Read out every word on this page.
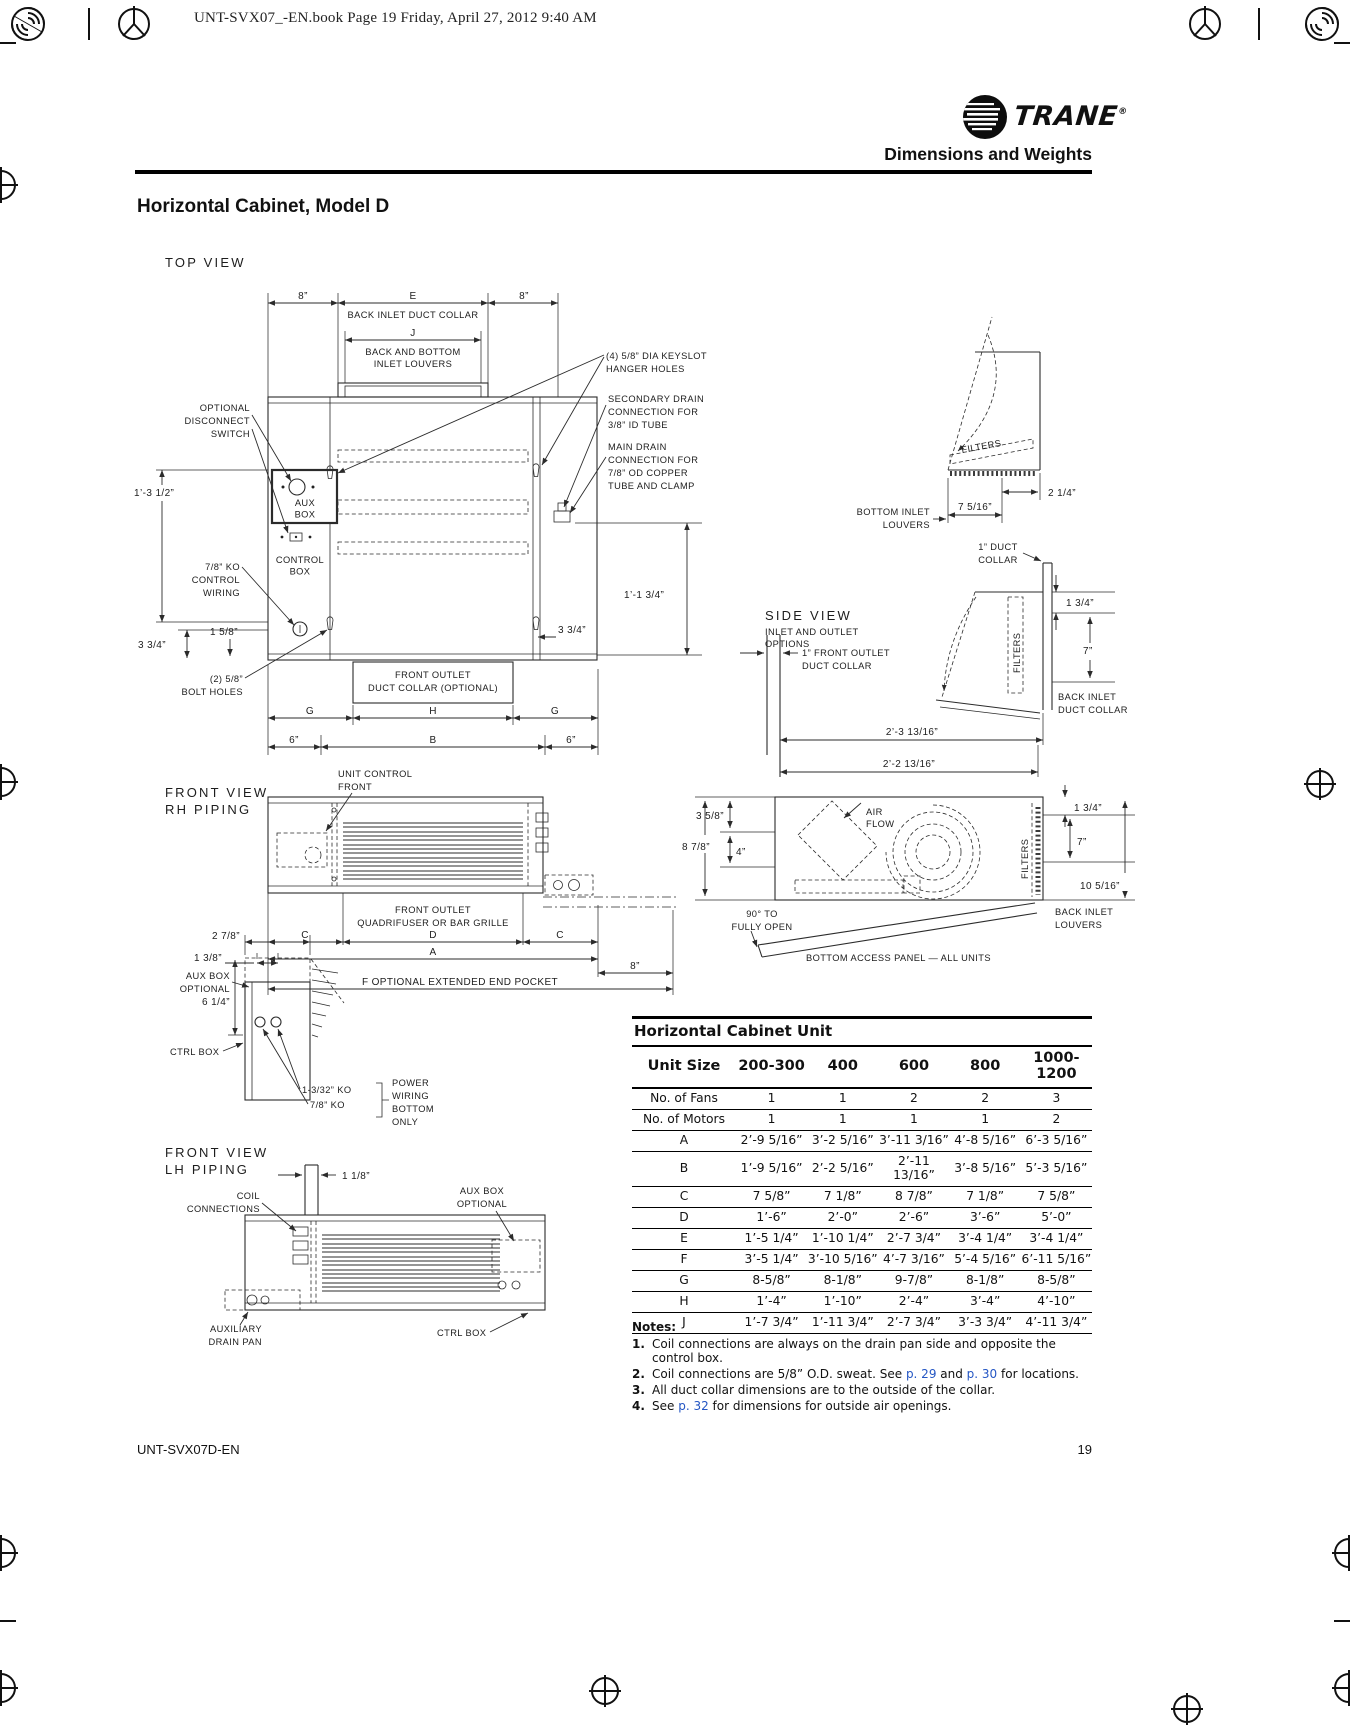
UNT-SVX07_-EN.book Page 19 Friday, April 27, 2012 9:40 AM
TRANE®
Dimensions and Weights
Horizontal Cabinet, Model D
TOP VIEW
8”	E	8”
BACK INLET DUCT COLLAR
J
BACK AND BOTTOM INLET LOUVERS
AUX BOX
CONTROL BOX
OPTIONAL DISCONNECT SWITCH
1’-3 1/2”
7/8” KO CONTROL WIRING
1 5/8”
3 3/4”
(2) 5/8” BOLT HOLES
(4) 5/8” DIA KEYSLOT HANGER HOLES
SECONDARY DRAIN CONNECTION FOR 3/8” ID TUBE
MAIN DRAIN CONNECTION FOR 7/8” OD COPPER TUBE AND CLAMP
1’-1 3/4”
3 3/4”
FRONT OUTLET DUCT COLLAR (OPTIONAL)
G	H	G
6”	B	6”
FILTERS
7 5/16”
2 1/4”
BOTTOM INLET LOUVERS
SIDE VIEW
INLET AND OUTLET OPTIONS
1” DUCT COLLAR
FILTERS
1 3/4”
7”
BACK INLET DUCT COLLAR
1” FRONT OUTLET DUCT COLLAR
2’-3 13/16”
2’-2 13/16”
AIR FLOW
FILTERS
3 5/8”
8 7/8”	4”
1 3/4”
7”
10 5/16”
90° TO FULLY OPEN
BOTTOM ACCESS PANEL — ALL UNITS
BACK INLET LOUVERS
FRONT VIEW RH PIPING
UNIT CONTROL FRONT
FRONT OUTLET QUADRIFUSER OR BAR GRILLE
C	D	C
A
8”
F OPTIONAL EXTENDED END POCKET
2 7/8”
1 3/8”
AUX BOX OPTIONAL
6 1/4”
CTRL BOX
1-3/32” KO
7/8” KO
POWER WIRING BOTTOM ONLY
FRONT VIEW LH PIPING	1 1/8”
COIL CONNECTIONS
AUX BOX OPTIONAL
AUXILIARY DRAIN PAN
CTRL BOX
Horizontal Cabinet Unit
Unit Size	200-300	400	600	800	1000-1200
No. of Fans	1	1	2	2	3
No. of Motors	1	1	1	1	2
A	2’-9 5/16”	3’-2 5/16”	3’-11 3/16”	4’-8 5/16”	6’-3 5/16”
B	1’-9 5/16”	2’-2 5/16”	2’-11 13/16”	3’-8 5/16”	5’-3 5/16”
C	7 5/8”	7 1/8”	8 7/8”	7 1/8”	7 5/8”
D	1’-6”	2’-0”	2’-6”	3’-6”	5’-0”
E	1’-5 1/4”	1’-10 1/4”	2’-7 3/4”	3’-4 1/4”	3’-4 1/4”
F	3’-5 1/4”	3’-10 5/16”	4’-7 3/16”	5’-4 5/16”	6’-11 5/16”
G	8-5/8”	8-1/8”	9-7/8”	8-1/8”	8-5/8”
H	1’-4”	1’-10”	2’-4”	3’-4”	4’-10”
J	1’-7 3/4”	1’-11 3/4”	2’-7 3/4”	3’-3 3/4”	4’-11 3/4”
Notes:
1. Coil connections are always on the drain pan side and opposite the control box.
2. Coil connections are 5/8” O.D. sweat. See p. 29 and p. 30 for locations.
3. All duct collar dimensions are to the outside of the collar.
4. See p. 32 for dimensions for outside air openings.
UNT-SVX07D-EN	19
